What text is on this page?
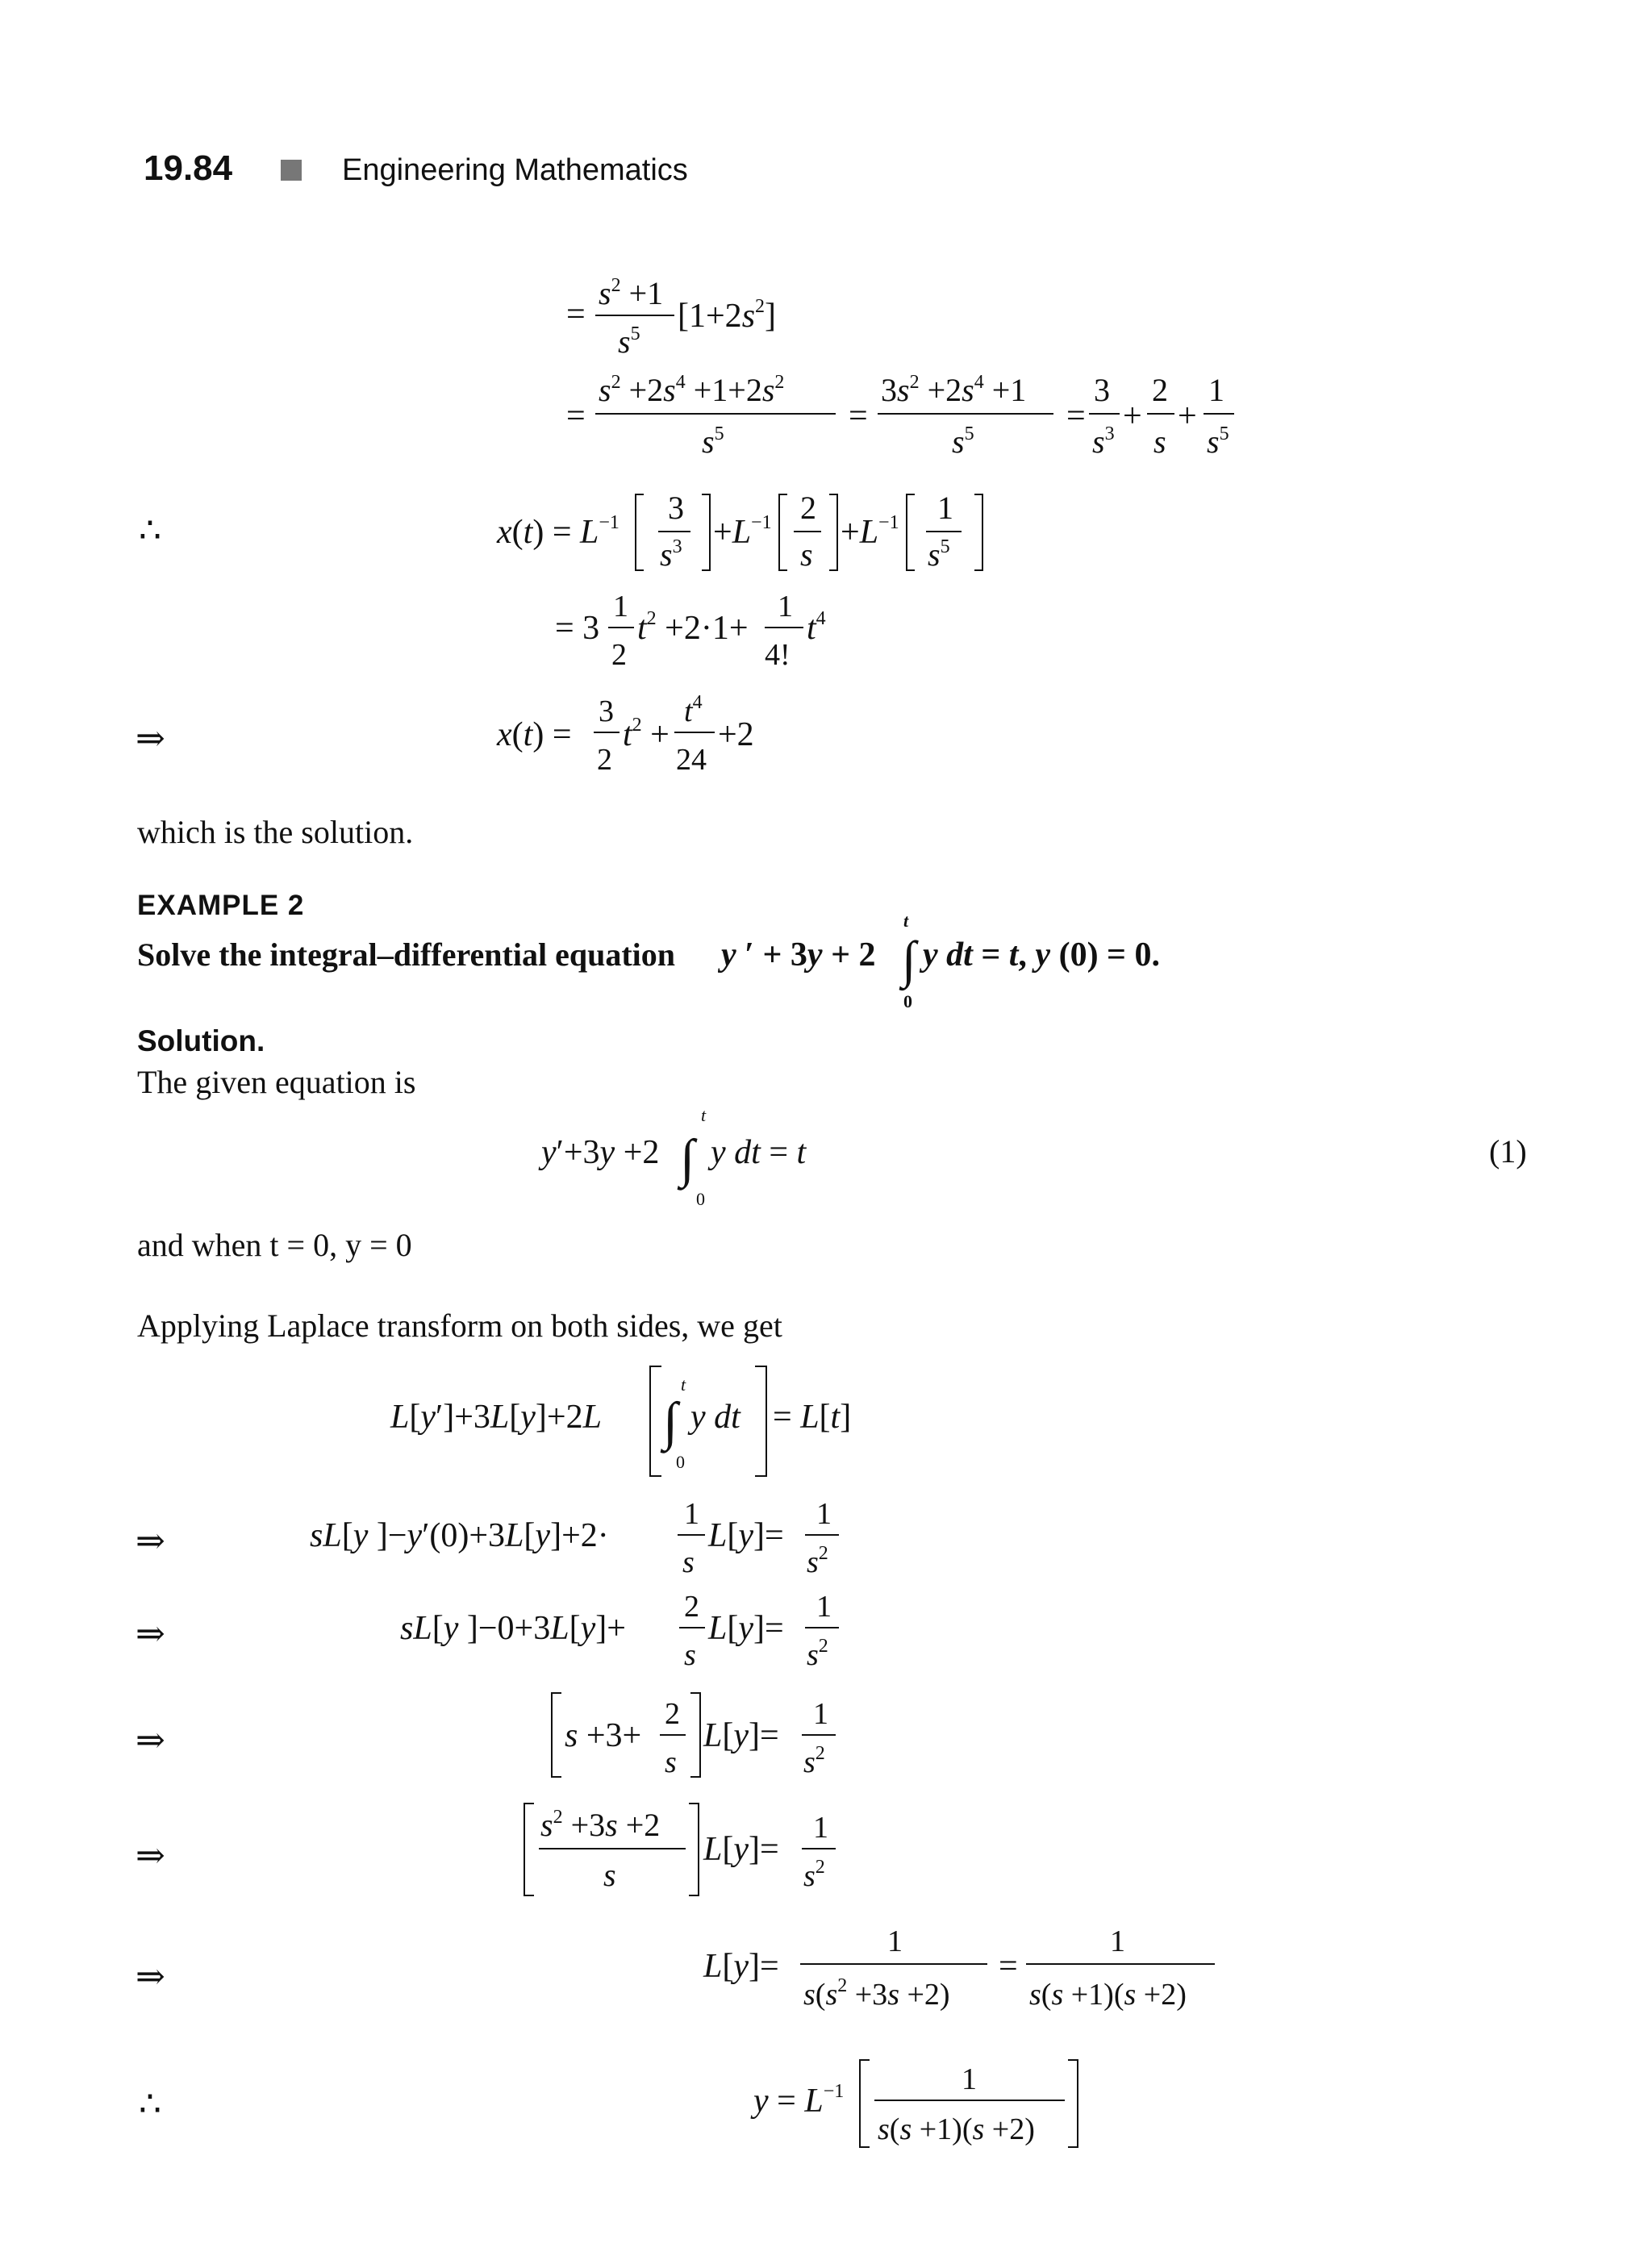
19.84	Engineering Mathematics
=
$s^2 +1$
$s^5$ $[1+2s^2]$
=
$s^2 +2s^4 +1+2s^2$
$s^5$	=
$3s^2 +2s^4 +1$
$s^5$	=
3
$s^3$ +
2
s
+
1
$s^5$
∴	$x(t) = L^{-1}$ 3
$s^3 +L^{-1}$ 2
s
$+L^{-1}$ 1
$s^5$
= 3
1
2
$t^2 +2\cdot 1+$
1
4!
$t^4$
⇒	x(t) =
3
2
$t^2$ +
$t^4$
24
+2
which is the solution.
EXAMPLE 2
Solve the integral–differential equation y ′ + 3y + 2 ∫
t
0
y dt = t, y (0) = 0.
Solution.
The given equation is
y′+3y +2 ∫
t
0
y dt = t	(1)
and when t = 0, y = 0
Applying Laplace transform on both sides, we get
L[y′]+3L[y]+2L ∫
t
0
y dt = L[t]
⇒	sL[y ]−y′(0)+3L[y]+2·
1
s
L[y]=
1
$s^2$
⇒	sL[y ]−0+3L[y]+
2
s
L[y]=
1
$s^2$
⇒	s +3+
2
s
L[y]=
1
$s^2$
⇒
$s^2 +3s +2$
s
L[y]=
1
$s^2$
⇒	L[y]=
1
$s(s^2 +3s +2)$
=
1
s(s +1)(s +2)
∴	$y = L^{-1}$	1
s(s +1)(s +2)
